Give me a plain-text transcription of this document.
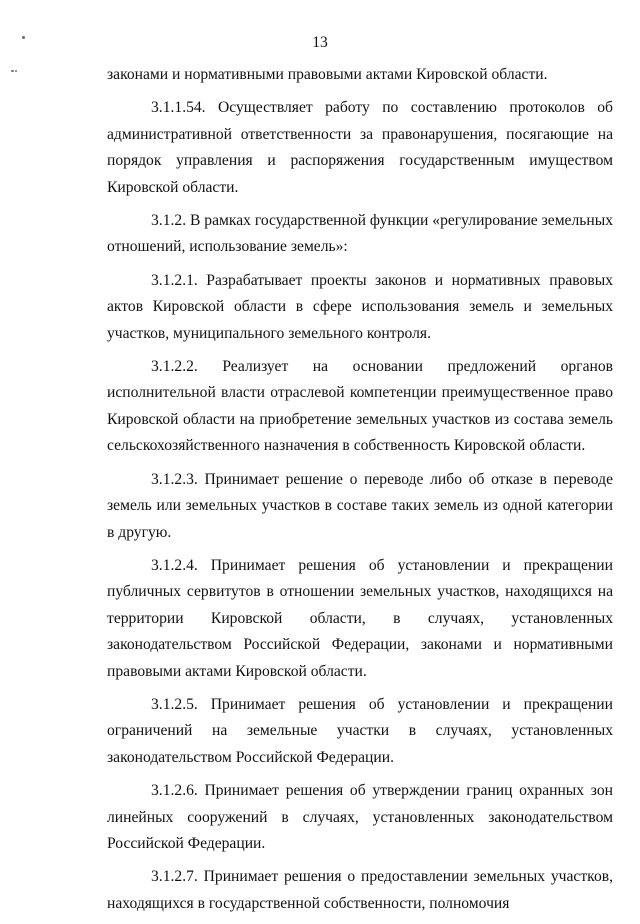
13

законами и нормативными правовыми актами Кировской области.

3.1.1.54. Осуществляет работу по составлению протоколов об административной ответственности за правонарушения, посягающие на порядок управления и распоряжения государственным имуществом Кировской области.

3.1.2. В рамках государственной функции «регулирование земельных отношений, использование земель»:

3.1.2.1. Разрабатывает проекты законов и нормативных правовых актов Кировской области в сфере использования земель и земельных участков, муниципального земельного контроля.

3.1.2.2. Реализует на основании предложений органов исполнительной власти отраслевой компетенции преимущественное право Кировской области на приобретение земельных участков из состава земель сельскохозяйственного назначения в собственность Кировской области.

3.1.2.3. Принимает решение о переводе либо об отказе в переводе земель или земельных участков в составе таких земель из одной категории в другую.

3.1.2.4. Принимает решения об установлении и прекращении публичных сервитутов в отношении земельных участков, находящихся на территории Кировской области, в случаях, установленных законодательством Российской Федерации, законами и нормативными правовыми актами Кировской области.

3.1.2.5. Принимает решения об установлении и прекращении ограничений на земельные участки в случаях, установленных законодательством Российской Федерации.

3.1.2.6. Принимает решения об утверждении границ охранных зон линейных сооружений в случаях, установленных законодательством Российской Федерации.

3.1.2.7. Принимает решения о предоставлении земельных участков, находящихся в государственной собственности, полномочия
